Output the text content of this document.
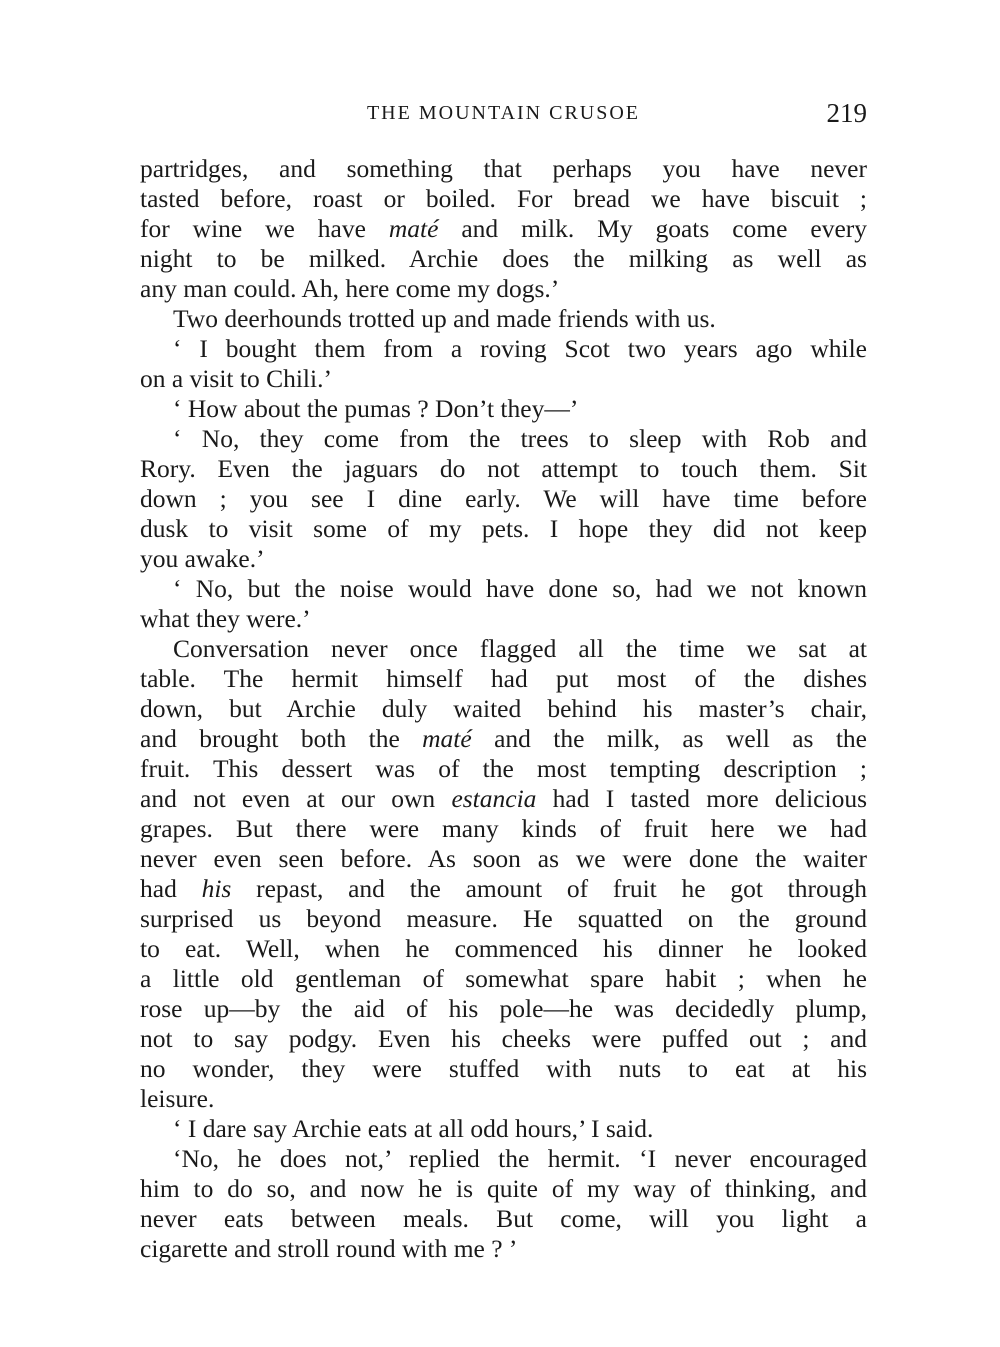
THE MOUNTAIN CRUSOE	219
partridges, and something that perhaps you have never
tasted before, roast or boiled. For bread we have biscuit ;
for wine we have maté and milk. My goats come every
night to be milked. Archie does the milking as well as
any man could. Ah, here come my dogs.’
Two deerhounds trotted up and made friends with us.
‘ I bought them from a roving Scot two years ago while
on a visit to Chili.’
‘ How about the pumas ? Don’t they—’
‘ No, they come from the trees to sleep with Rob and
Rory. Even the jaguars do not attempt to touch them. Sit
down ; you see I dine early. We will have time before
dusk to visit some of my pets. I hope they did not keep
you awake.’
‘ No, but the noise would have done so, had we not known
what they were.’
Conversation never once flagged all the time we sat at
table. The hermit himself had put most of the dishes
down, but Archie duly waited behind his master’s chair,
and brought both the maté and the milk, as well as the
fruit. This dessert was of the most tempting description ;
and not even at our own estancia had I tasted more delicious
grapes. But there were many kinds of fruit here we had
never even seen before. As soon as we were done the waiter
had his repast, and the amount of fruit he got through
surprised us beyond measure. He squatted on the ground
to eat. Well, when he commenced his dinner he looked
a little old gentleman of somewhat spare habit ; when he
rose up—by the aid of his pole—he was decidedly plump,
not to say podgy. Even his cheeks were puffed out ; and
no wonder, they were stuffed with nuts to eat at his
leisure.
‘ I dare say Archie eats at all odd hours,’ I said.
‘No, he does not,’ replied the hermit. ‘I never encouraged
him to do so, and now he is quite of my way of thinking, and
never eats between meals. But come, will you light a
cigarette and stroll round with me ? ’
